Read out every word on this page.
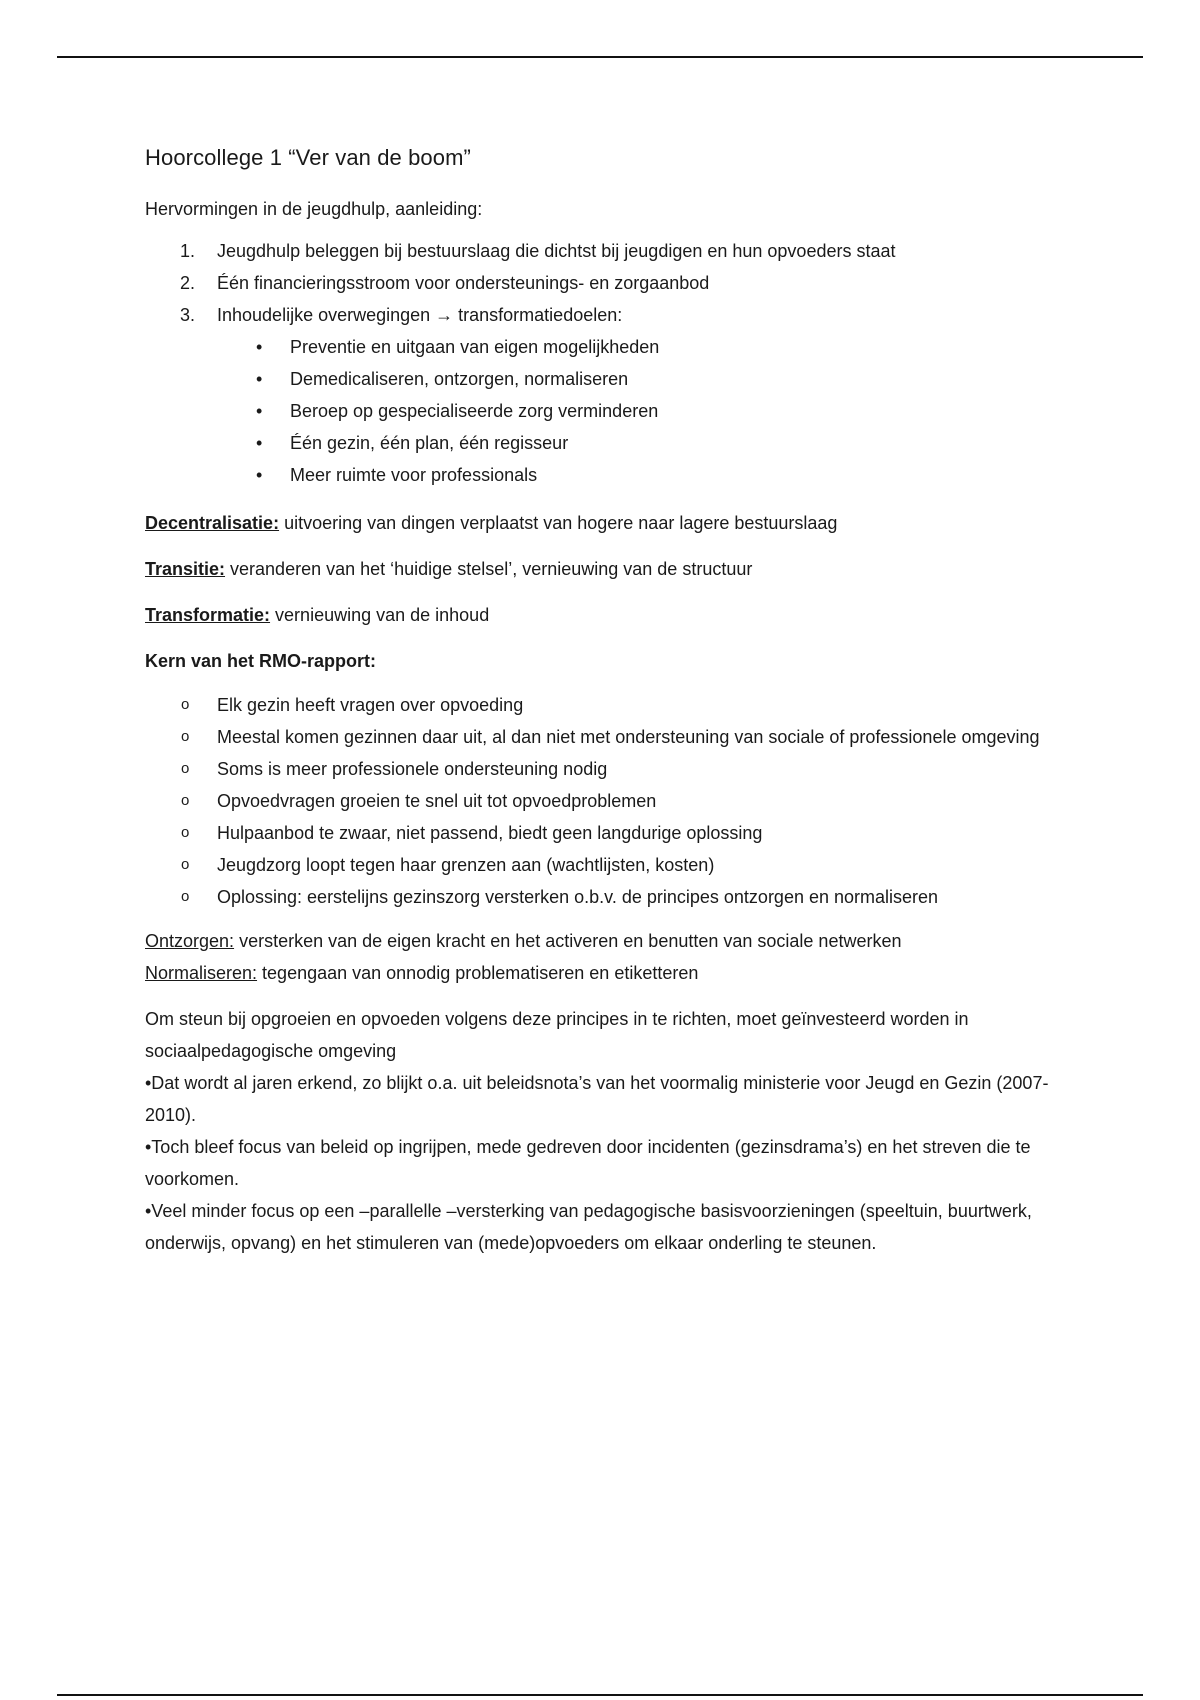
Hoorcollege 1 “Ver van de boom”

Hervormingen in de jeugdhulp, aanleiding:

1. Jeugdhulp beleggen bij bestuurslaag die dichtst bij jeugdigen en hun opvoeders staat
2. Één financieringsstroom voor ondersteunings- en zorgaanbod
3. Inhoudelijke overwegingen → transformatiedoelen:
• Preventie en uitgaan van eigen mogelijkheden
• Demedicaliseren, ontzorgen, normaliseren
• Beroep op gespecialiseerde zorg verminderen
• Één gezin, één plan, één regisseur
• Meer ruimte voor professionals

Decentralisatie: uitvoering van dingen verplaatst van hogere naar lagere bestuurslaag

Transitie: veranderen van het ‘huidige stelsel’, vernieuwing van de structuur

Transformatie: vernieuwing van de inhoud

Kern van het RMO-rapport:

o Elk gezin heeft vragen over opvoeding
o Meestal komen gezinnen daar uit, al dan niet met ondersteuning van sociale of professionele omgeving
o Soms is meer professionele ondersteuning nodig
o Opvoedvragen groeien te snel uit tot opvoedproblemen
o Hulpaanbod te zwaar, niet passend, biedt geen langdurige oplossing
o Jeugdzorg loopt tegen haar grenzen aan (wachtlijsten, kosten)
o Oplossing: eerstelijns gezinszorg versterken o.b.v. de principes ontzorgen en normaliseren

Ontzorgen: versterken van de eigen kracht en het activeren en benutten van sociale netwerken

Normaliseren: tegengaan van onnodig problematiseren en etiketteren

Om steun bij opgroeien en opvoeden volgens deze principes in te richten, moet geïnvesteerd worden in sociaalpedagogische omgeving

•Dat wordt al jaren erkend, zo blijkt o.a. uit beleidsnota’s van het voormalig ministerie voor Jeugd en Gezin (2007-2010).

•Toch bleef focus van beleid op ingrijpen, mede gedreven door incidenten (gezinsdrama’s) en het streven die te voorkomen.

•Veel minder focus op een –parallelle –versterking van pedagogische basisvoorzieningen (speeltuin, buurtwerk, onderwijs, opvang) en het stimuleren van (mede)opvoeders om elkaar onderling te steunen.
